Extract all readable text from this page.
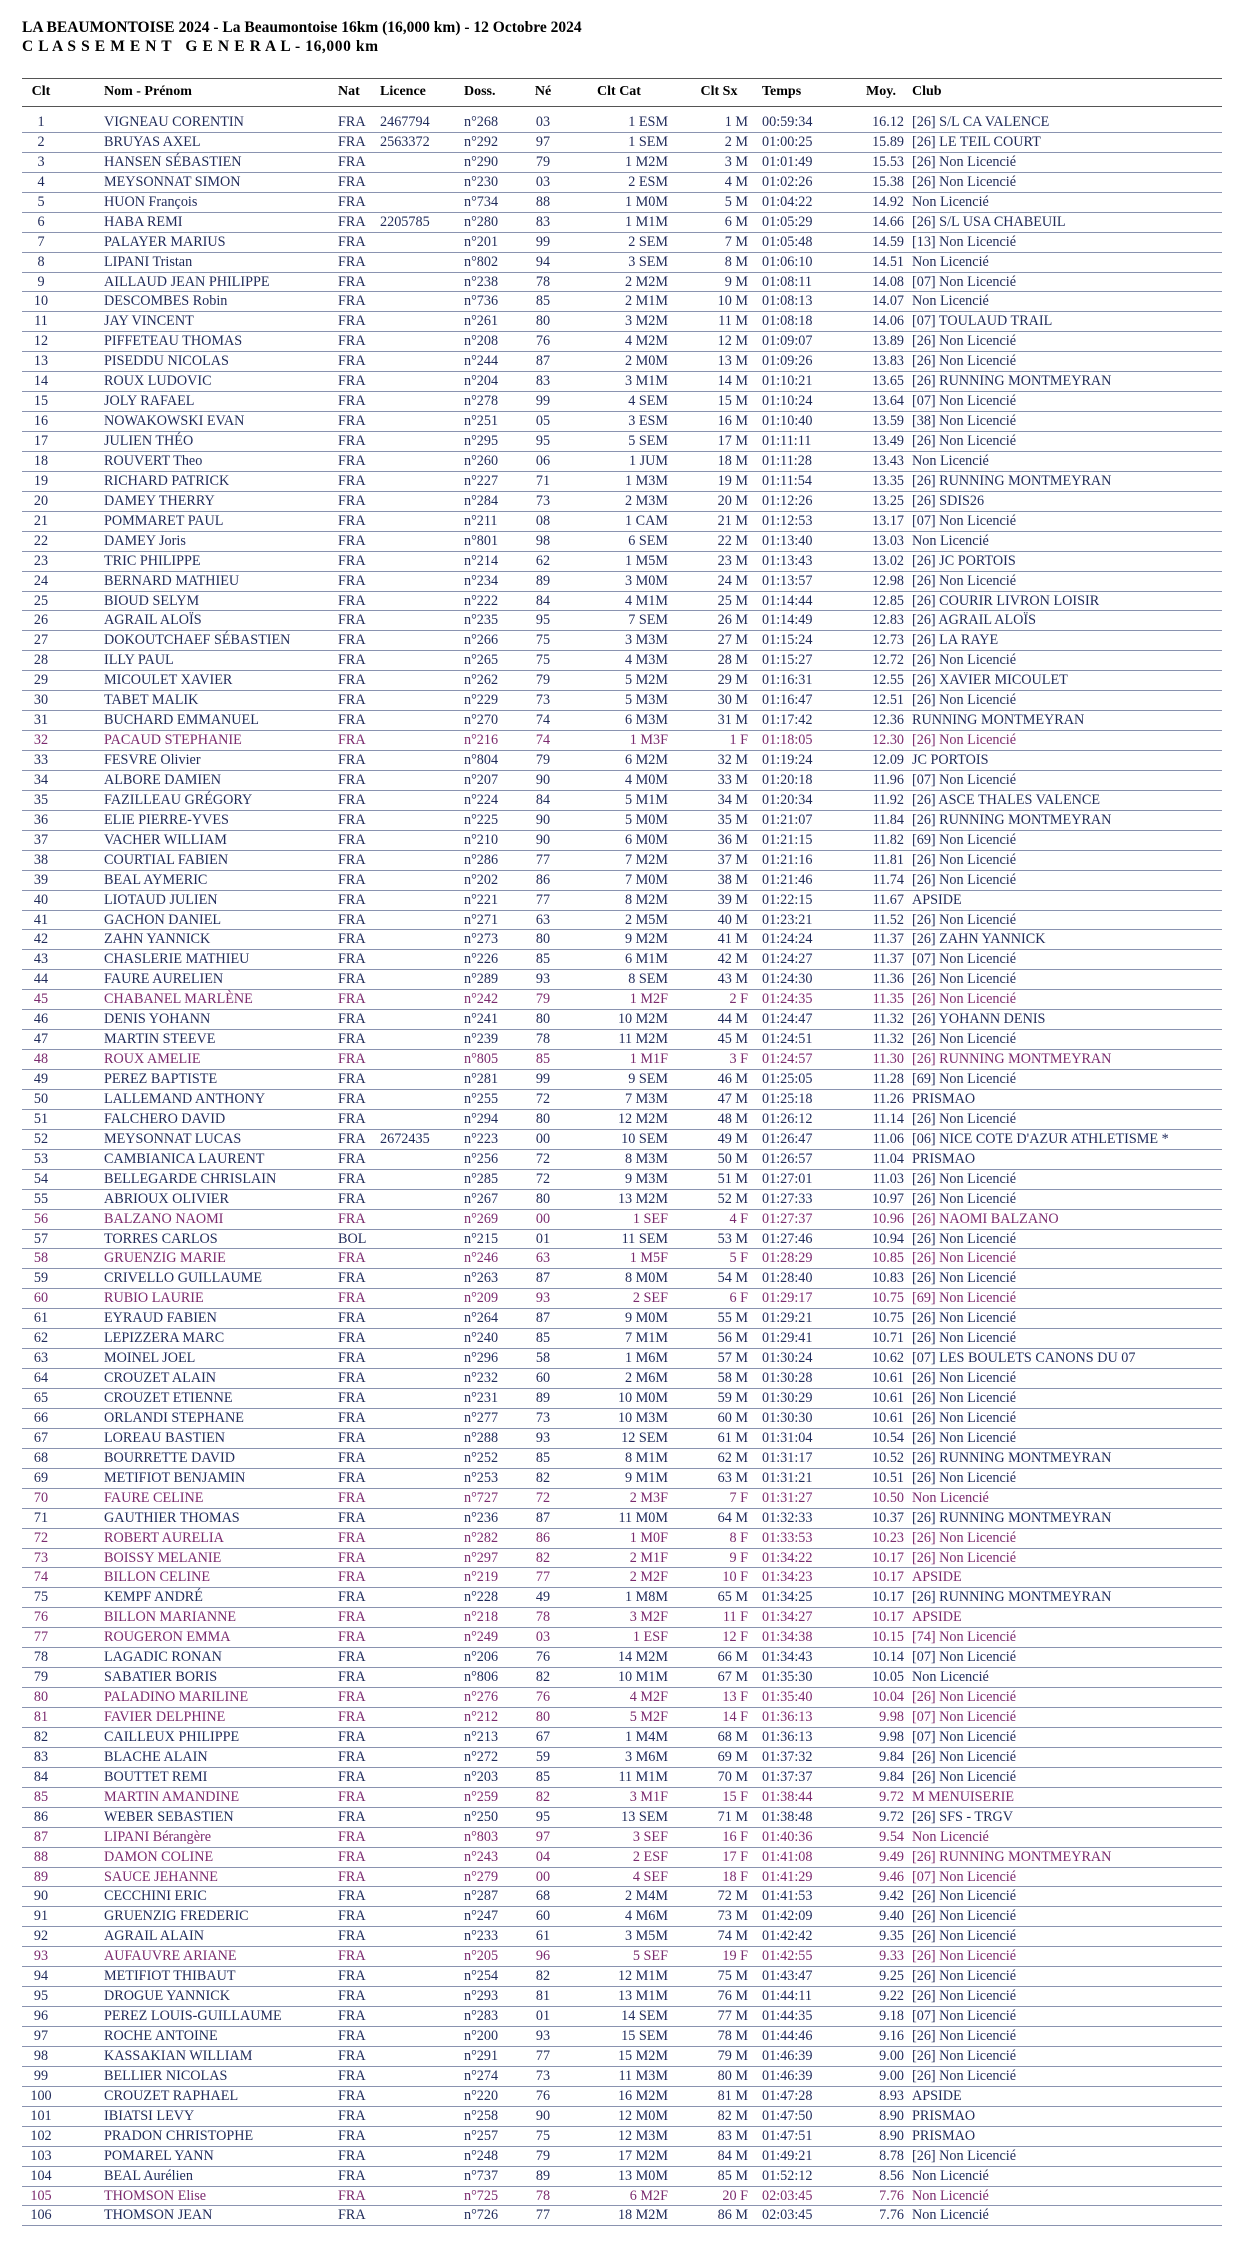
LA BEAUMONTOISE 2024 - La Beaumontoise 16km (16,000 km) - 12 Octobre 2024
C L A S S E M E N T   G E N E R A L - 16,000 km
Clt	Nom - Prénom	Nat Licence	Doss.	Né	Clt Cat	Clt Sx	Temps	Moy.	Club
1	VIGNEAU CORENTIN	FRA 2467794 n°268	03	1 ESM	1 M 00:59:34	16.12 [26] S/L CA VALENCE
2	BRUYAS AXEL	FRA 2563372 n°292	97	1 SEM	2 M 01:00:25	15.89 [26] LE TEIL COURT
3	HANSEN SÉBASTIEN	FRA	n°290	79	1 M2M	3 M 01:01:49	15.53 [26] Non Licencié
4	MEYSONNAT SIMON	FRA	n°230	03	2 ESM	4 M 01:02:26	15.38 [26] Non Licencié
5	HUON François	FRA	n°734	88	1 M0M	5 M 01:04:22	14.92 Non Licencié
6	HABA REMI	FRA 2205785 n°280	83	1 M1M	6 M 01:05:29	14.66 [26] S/L USA CHABEUIL
7	PALAYER MARIUS	FRA	n°201	99	2 SEM	7 M 01:05:48	14.59 [13] Non Licencié
8	LIPANI Tristan	FRA	n°802	94	3 SEM	8 M 01:06:10	14.51 Non Licencié
9	AILLAUD JEAN PHILIPPE	FRA	n°238	78	2 M2M	9 M 01:08:11	14.08 [07] Non Licencié
10	DESCOMBES Robin	FRA	n°736	85	2 M1M	10 M 01:08:13	14.07 Non Licencié
11	JAY VINCENT	FRA	n°261	80	3 M2M	11 M 01:08:18	14.06 [07] TOULAUD TRAIL
12	PIFFETEAU THOMAS	FRA	n°208	76	4 M2M	12 M 01:09:07	13.89 [26] Non Licencié
13	PISEDDU NICOLAS	FRA	n°244	87	2 M0M	13 M 01:09:26	13.83 [26] Non Licencié
14	ROUX LUDOVIC	FRA	n°204	83	3 M1M	14 M 01:10:21	13.65 [26] RUNNING MONTMEYRAN
15	JOLY RAFAEL	FRA	n°278	99	4 SEM	15 M 01:10:24	13.64 [07] Non Licencié
16	NOWAKOWSKI EVAN	FRA	n°251	05	3 ESM	16 M 01:10:40	13.59 [38] Non Licencié
17	JULIEN THÉO	FRA	n°295	95	5 SEM	17 M 01:11:11	13.49 [26] Non Licencié
18	ROUVERT Theo	FRA	n°260	06	1 JUM	18 M 01:11:28	13.43 Non Licencié
19	RICHARD PATRICK	FRA	n°227	71	1 M3M	19 M 01:11:54	13.35 [26] RUNNING MONTMEYRAN
20	DAMEY THERRY	FRA	n°284	73	2 M3M	20 M 01:12:26	13.25 [26] SDIS26
21	POMMARET PAUL	FRA	n°211	08	1 CAM	21 M 01:12:53	13.17 [07] Non Licencié
22	DAMEY Joris	FRA	n°801	98	6 SEM	22 M 01:13:40	13.03 Non Licencié
23	TRIC PHILIPPE	FRA	n°214	62	1 M5M	23 M 01:13:43	13.02 [26] JC PORTOIS
24	BERNARD MATHIEU	FRA	n°234	89	3 M0M	24 M 01:13:57	12.98 [26] Non Licencié
25	BIOUD SELYM	FRA	n°222	84	4 M1M	25 M 01:14:44	12.85 [26] COURIR LIVRON LOISIR
26	AGRAIL ALOÏS	FRA	n°235	95	7 SEM	26 M 01:14:49	12.83 [26] AGRAIL ALOÏS
27	DOKOUTCHAEF SÉBASTIEN	FRA	n°266	75	3 M3M	27 M 01:15:24	12.73 [26] LA RAYE
28	ILLY PAUL	FRA	n°265	75	4 M3M	28 M 01:15:27	12.72 [26] Non Licencié
29	MICOULET XAVIER	FRA	n°262	79	5 M2M	29 M 01:16:31	12.55 [26] XAVIER MICOULET
30	TABET MALIK	FRA	n°229	73	5 M3M	30 M 01:16:47	12.51 [26] Non Licencié
31	BUCHARD EMMANUEL	FRA	n°270	74	6 M3M	31 M 01:17:42	12.36 RUNNING MONTMEYRAN
32	PACAUD STEPHANIE	FRA	n°216	74	1 M3F	1 F 01:18:05	12.30 [26] Non Licencié
33	FESVRE Olivier	FRA	n°804	79	6 M2M	32 M 01:19:24	12.09 JC PORTOIS
34	ALBORE DAMIEN	FRA	n°207	90	4 M0M	33 M 01:20:18	11.96 [07] Non Licencié
35	FAZILLEAU GRÉGORY	FRA	n°224	84	5 M1M	34 M 01:20:34	11.92 [26] ASCE THALES VALENCE
36	ELIE PIERRE-YVES	FRA	n°225	90	5 M0M	35 M 01:21:07	11.84 [26] RUNNING MONTMEYRAN
37	VACHER WILLIAM	FRA	n°210	90	6 M0M	36 M 01:21:15	11.82 [69] Non Licencié
38	COURTIAL FABIEN	FRA	n°286	77	7 M2M	37 M 01:21:16	11.81 [26] Non Licencié
39	BEAL AYMERIC	FRA	n°202	86	7 M0M	38 M 01:21:46	11.74 [26] Non Licencié
40	LIOTAUD JULIEN	FRA	n°221	77	8 M2M	39 M 01:22:15	11.67 APSIDE
41	GACHON DANIEL	FRA	n°271	63	2 M5M	40 M 01:23:21	11.52 [26] Non Licencié
42	ZAHN YANNICK	FRA	n°273	80	9 M2M	41 M 01:24:24	11.37 [26] ZAHN YANNICK
43	CHASLERIE MATHIEU	FRA	n°226	85	6 M1M	42 M 01:24:27	11.37 [07] Non Licencié
44	FAURE AURELIEN	FRA	n°289	93	8 SEM	43 M 01:24:30	11.36 [26] Non Licencié
45	CHABANEL MARLÈNE	FRA	n°242	79	1 M2F	2 F 01:24:35	11.35 [26] Non Licencié
46	DENIS YOHANN	FRA	n°241	80	10 M2M	44 M 01:24:47	11.32 [26] YOHANN DENIS
47	MARTIN STEEVE	FRA	n°239	78	11 M2M	45 M 01:24:51	11.32 [26] Non Licencié
48	ROUX AMELIE	FRA	n°805	85	1 M1F	3 F 01:24:57	11.30 [26] RUNNING MONTMEYRAN
49	PEREZ BAPTISTE	FRA	n°281	99	9 SEM	46 M 01:25:05	11.28 [69] Non Licencié
50	LALLEMAND ANTHONY	FRA	n°255	72	7 M3M	47 M 01:25:18	11.26 PRISMAO
51	FALCHERO DAVID	FRA	n°294	80	12 M2M	48 M 01:26:12	11.14 [26] Non Licencié
52	MEYSONNAT LUCAS	FRA 2672435 n°223	00	10 SEM	49 M 01:26:47	11.06 [06] NICE COTE D'AZUR ATHLETISME *
53	CAMBIANICA LAURENT	FRA	n°256	72	8 M3M	50 M 01:26:57	11.04 PRISMAO
54	BELLEGARDE CHRISLAIN	FRA	n°285	72	9 M3M	51 M 01:27:01	11.03 [26] Non Licencié
55	ABRIOUX OLIVIER	FRA	n°267	80	13 M2M	52 M 01:27:33	10.97 [26] Non Licencié
56	BALZANO NAOMI	FRA	n°269	00	1 SEF	4 F 01:27:37	10.96 [26] NAOMI BALZANO
57	TORRES CARLOS	BOL	n°215	01	11 SEM	53 M 01:27:46	10.94 [26] Non Licencié
58	GRUENZIG MARIE	FRA	n°246	63	1 M5F	5 F 01:28:29	10.85 [26] Non Licencié
59	CRIVELLO GUILLAUME	FRA	n°263	87	8 M0M	54 M 01:28:40	10.83 [26] Non Licencié
60	RUBIO LAURIE	FRA	n°209	93	2 SEF	6 F 01:29:17	10.75 [69] Non Licencié
61	EYRAUD FABIEN	FRA	n°264	87	9 M0M	55 M 01:29:21	10.75 [26] Non Licencié
62	LEPIZZERA MARC	FRA	n°240	85	7 M1M	56 M 01:29:41	10.71 [26] Non Licencié
63	MOINEL JOEL	FRA	n°296	58	1 M6M	57 M 01:30:24	10.62 [07] LES BOULETS CANONS DU 07
64	CROUZET ALAIN	FRA	n°232	60	2 M6M	58 M 01:30:28	10.61 [26] Non Licencié
65	CROUZET ETIENNE	FRA	n°231	89	10 M0M	59 M 01:30:29	10.61 [26] Non Licencié
66	ORLANDI STEPHANE	FRA	n°277	73	10 M3M	60 M 01:30:30	10.61 [26] Non Licencié
67	LOREAU BASTIEN	FRA	n°288	93	12 SEM	61 M 01:31:04	10.54 [26] Non Licencié
68	BOURRETTE DAVID	FRA	n°252	85	8 M1M	62 M 01:31:17	10.52 [26] RUNNING MONTMEYRAN
69	METIFIOT BENJAMIN	FRA	n°253	82	9 M1M	63 M 01:31:21	10.51 [26] Non Licencié
70	FAURE CELINE	FRA	n°727	72	2 M3F	7 F 01:31:27	10.50 Non Licencié
71	GAUTHIER THOMAS	FRA	n°236	87	11 M0M	64 M 01:32:33	10.37 [26] RUNNING MONTMEYRAN
72	ROBERT AURELIA	FRA	n°282	86	1 M0F	8 F 01:33:53	10.23 [26] Non Licencié
73	BOISSY MELANIE	FRA	n°297	82	2 M1F	9 F 01:34:22	10.17 [26] Non Licencié
74	BILLON CELINE	FRA	n°219	77	2 M2F	10 F 01:34:23	10.17 APSIDE
75	KEMPF ANDRÉ	FRA	n°228	49	1 M8M	65 M 01:34:25	10.17 [26] RUNNING MONTMEYRAN
76	BILLON MARIANNE	FRA	n°218	78	3 M2F	11 F 01:34:27	10.17 APSIDE
77	ROUGERON EMMA	FRA	n°249	03	1 ESF	12 F 01:34:38	10.15 [74] Non Licencié
78	LAGADIC RONAN	FRA	n°206	76	14 M2M	66 M 01:34:43	10.14 [07] Non Licencié
79	SABATIER BORIS	FRA	n°806	82	10 M1M	67 M 01:35:30	10.05 Non Licencié
80	PALADINO MARILINE	FRA	n°276	76	4 M2F	13 F 01:35:40	10.04 [26] Non Licencié
81	FAVIER DELPHINE	FRA	n°212	80	5 M2F	14 F 01:36:13	9.98 [07] Non Licencié
82	CAILLEUX PHILIPPE	FRA	n°213	67	1 M4M	68 M 01:36:13	9.98 [07] Non Licencié
83	BLACHE ALAIN	FRA	n°272	59	3 M6M	69 M 01:37:32	9.84 [26] Non Licencié
84	BOUTTET REMI	FRA	n°203	85	11 M1M	70 M 01:37:37	9.84 [26] Non Licencié
85	MARTIN AMANDINE	FRA	n°259	82	3 M1F	15 F 01:38:44	9.72 M MENUISERIE
86	WEBER SEBASTIEN	FRA	n°250	95	13 SEM	71 M 01:38:48	9.72 [26] SFS - TRGV
87	LIPANI Bérangère	FRA	n°803	97	3 SEF	16 F 01:40:36	9.54 Non Licencié
88	DAMON COLINE	FRA	n°243	04	2 ESF	17 F 01:41:08	9.49 [26] RUNNING MONTMEYRAN
89	SAUCE JEHANNE	FRA	n°279	00	4 SEF	18 F 01:41:29	9.46 [07] Non Licencié
90	CECCHINI ERIC	FRA	n°287	68	2 M4M	72 M 01:41:53	9.42 [26] Non Licencié
91	GRUENZIG FREDERIC	FRA	n°247	60	4 M6M	73 M 01:42:09	9.40 [26] Non Licencié
92	AGRAIL ALAIN	FRA	n°233	61	3 M5M	74 M 01:42:42	9.35 [26] Non Licencié
93	AUFAUVRE ARIANE	FRA	n°205	96	5 SEF	19 F 01:42:55	9.33 [26] Non Licencié
94	METIFIOT THIBAUT	FRA	n°254	82	12 M1M	75 M 01:43:47	9.25 [26] Non Licencié
95	DROGUE YANNICK	FRA	n°293	81	13 M1M	76 M 01:44:11	9.22 [26] Non Licencié
96	PEREZ LOUIS-GUILLAUME	FRA	n°283	01	14 SEM	77 M 01:44:35	9.18 [07] Non Licencié
97	ROCHE ANTOINE	FRA	n°200	93	15 SEM	78 M 01:44:46	9.16 [26] Non Licencié
98	KASSAKIAN WILLIAM	FRA	n°291	77	15 M2M	79 M 01:46:39	9.00 [26] Non Licencié
99	BELLIER NICOLAS	FRA	n°274	73	11 M3M	80 M 01:46:39	9.00 [26] Non Licencié
100	CROUZET RAPHAEL	FRA	n°220	76	16 M2M	81 M 01:47:28	8.93 APSIDE
101	IBIATSI LEVY	FRA	n°258	90	12 M0M	82 M 01:47:50	8.90 PRISMAO
102	PRADON CHRISTOPHE	FRA	n°257	75	12 M3M	83 M 01:47:51	8.90 PRISMAO
103	POMAREL YANN	FRA	n°248	79	17 M2M	84 M 01:49:21	8.78 [26] Non Licencié
104	BEAL Aurélien	FRA	n°737	89	13 M0M	85 M 01:52:12	8.56 Non Licencié
105	THOMSON Elise	FRA	n°725	78	6 M2F	20 F 02:03:45	7.76 Non Licencié
106	THOMSON JEAN	FRA	n°726	77	18 M2M	86 M 02:03:45	7.76 Non Licencié
